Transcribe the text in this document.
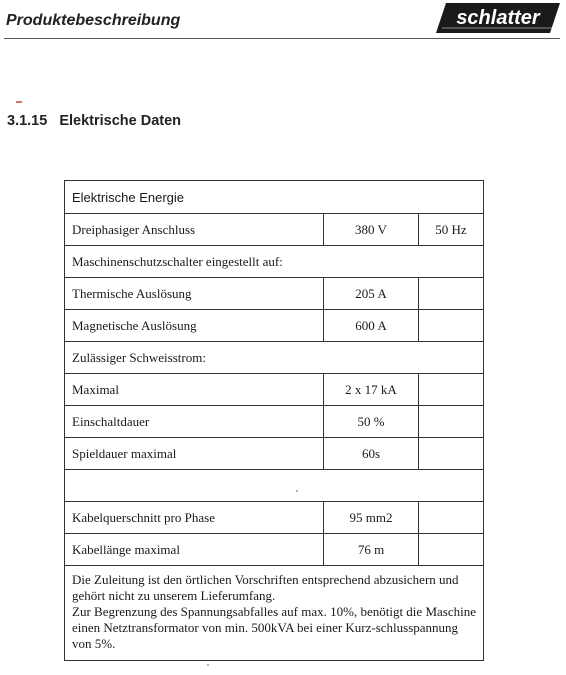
Produktebeschreibung	schlatter
3.1.15 Elektrische Daten
Elektrische Energie
Dreiphasiger Anschluss	380 V	50 Hz
Maschinenschutzschalter eingestellt auf:
Thermische Auslösung	205 A
Magnetische Auslösung	600 A
Zulässiger Schweisstrom:
Maximal	2 x 17 kA
Einschaltdauer	50 %
Spieldauer maximal	60s
Kabelquerschnitt pro Phase	95 mm2
Kabellänge maximal	76 m

Die Zuleitung ist den örtlichen Vorschriften entsprechend abzusichern und gehört nicht zu unserem Lieferumfang.

Zur Begrenzung des Spannungsabfalles auf max. 10%, benötigt die Maschine einen Netztransformator von min. 500kVA bei einer Kurz-schlusspannung von 5%.
